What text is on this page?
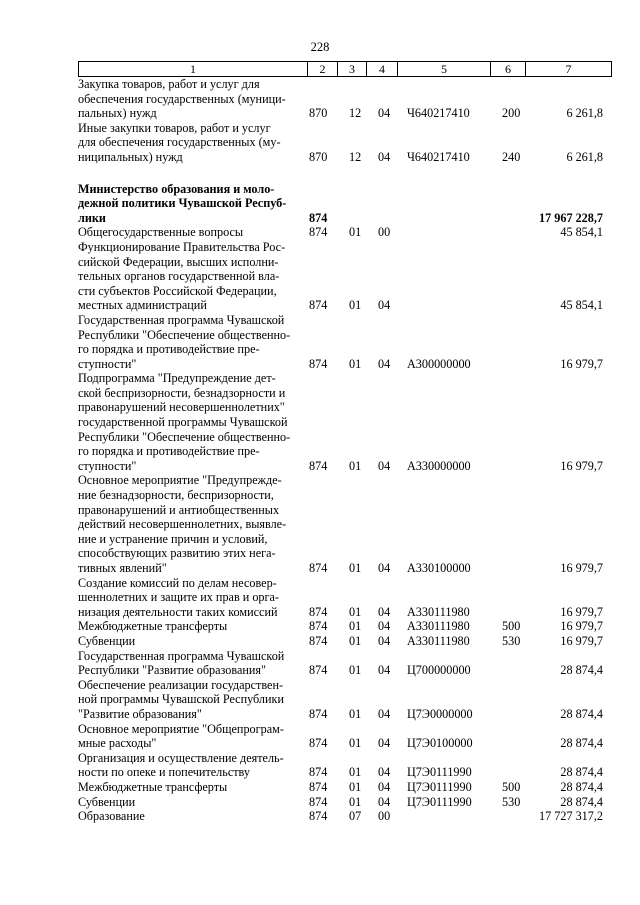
228
1	2	3	4	5	6	7
Закупка товаров, работ и услуг для
обеспечения государственных (муници-
пальных) нужд	870 12 04 Ч640217410	200	6 261,8
Иные закупки товаров, работ и услуг
для обеспечения государственных (му-
ниципальных) нужд	870 12 04 Ч640217410	240	6 261,8
Министерство образования и моло-
дежной политики Чувашской Респуб-
лики	874	17 967 228,7
Общегосударственные вопросы	874 01 00	45 854,1
Функционирование Правительства Рос-
сийской Федерации, высших исполни-
тельных органов государственной вла-
сти субъектов Российской Федерации,
местных администраций	874 01 04	45 854,1
Государственная программа Чувашской
Республики "Обеспечение общественно-
го порядка и противодействие пре-
ступности"	874 01 04 А300000000	16 979,7
Подпрограмма "Предупреждение дет-
ской беспризорности, безнадзорности и
правонарушений несовершеннолетних"
государственной программы Чувашской
Республики "Обеспечение общественно-
го порядка и противодействие пре-
ступности"	874 01 04 А330000000	16 979,7
Основное мероприятие "Предупрежде-
ние безнадзорности, беспризорности,
правонарушений и антиобщественных
действий несовершеннолетних, выявле-
ние и устранение причин и условий,
способствующих развитию этих нега-
тивных явлений"	874 01 04 А330100000	16 979,7
Создание комиссий по делам несовер-
шеннолетних и защите их прав и орга-
низация деятельности таких комиссий	874 01 04 А330111980	16 979,7
Межбюджетные трансферты	874 01 04 А330111980	500	16 979,7
Субвенции	874 01 04 А330111980	530	16 979,7
Государственная программа Чувашской
Республики "Развитие образования"	874 01 04 Ц700000000	28 874,4
Обеспечение реализации государствен-
ной программы Чувашской Республики
"Развитие образования"	874 01 04 Ц7Э0000000	28 874,4
Основное мероприятие "Общепрограм-
мные расходы"	874 01 04 Ц7Э0100000	28 874,4
Организация и осуществление деятель-
ности по опеке и попечительству	874 01 04 Ц7Э0111990	28 874,4
Межбюджетные трансферты	874 01 04 Ц7Э0111990 500	28 874,4
Субвенции	874 01 04 Ц7Э0111990 530	28 874,4
Образование	874 07 00	17 727 317,2
